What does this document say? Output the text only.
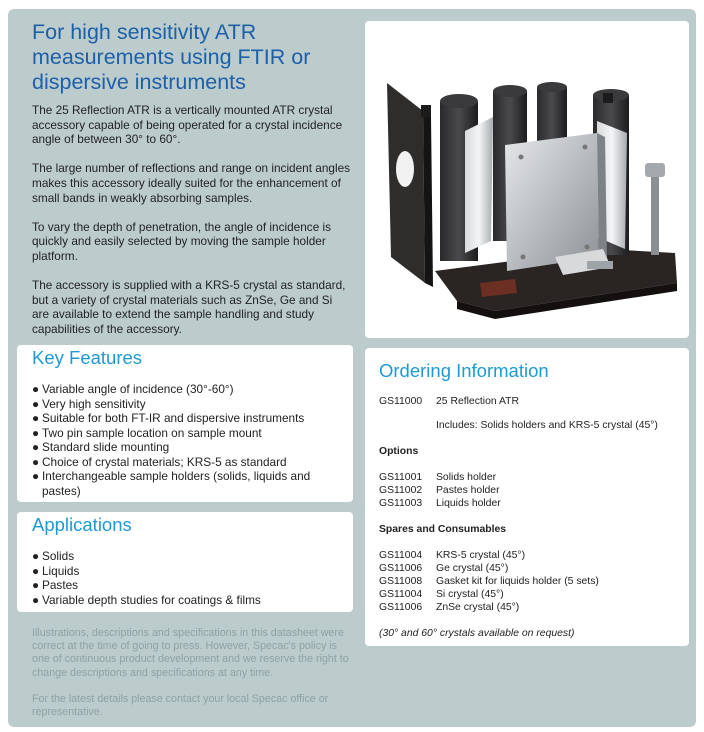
For high sensitivity ATR measurements using FTIR or dispersive instruments

The 25 Reflection ATR is a vertically mounted ATR crystal accessory capable of being operated for a crystal incidence angle of between 30° to 60°.

The large number of reflections and range on incident angles makes this accessory ideally suited for the enhancement of small bands in weakly absorbing samples.

To vary the depth of penetration, the angle of incidence is quickly and easily selected by moving the sample holder platform.

The accessory is supplied with a KRS-5 crystal as standard, but a variety of crystal materials such as ZnSe, Ge and Si are available to extend the sample handling and study capabilities of the accessory.

Key Features
● Variable angle of incidence (30°-60°)
● Very high sensitivity
● Suitable for both FT-IR and dispersive instruments
● Two pin sample location on sample mount
● Standard slide mounting
● Choice of crystal materials; KRS-5 as standard
● Interchangeable sample holders (solids, liquids and pastes)
Applications
● Solids
● Liquids
● Pastes
● Variable depth studies for coatings & films

Illustrations, descriptions and specifications in this datasheet were correct at the time of going to press. However, Specac's policy is one of continuous product development and we reserve the right to change descriptions and specifications at any time.

For the latest details please contact your local Specac office or representative.

Ordering Information
GS11000	25 Reflection ATR
Includes: Solids holders and KRS-5 crystal (45°)
Options
GS11001	Solids holder
GS11002	Pastes holder
GS11003	Liquids holder
Spares and Consumables
GS11004	KRS-5 crystal (45°)
GS11006	Ge crystal (45°)
GS11008	Gasket kit for liquids holder (5 sets)
GS11004	Si crystal (45°)
GS11006	ZnSe crystal (45°)
(30° and 60° crystals available on request)
